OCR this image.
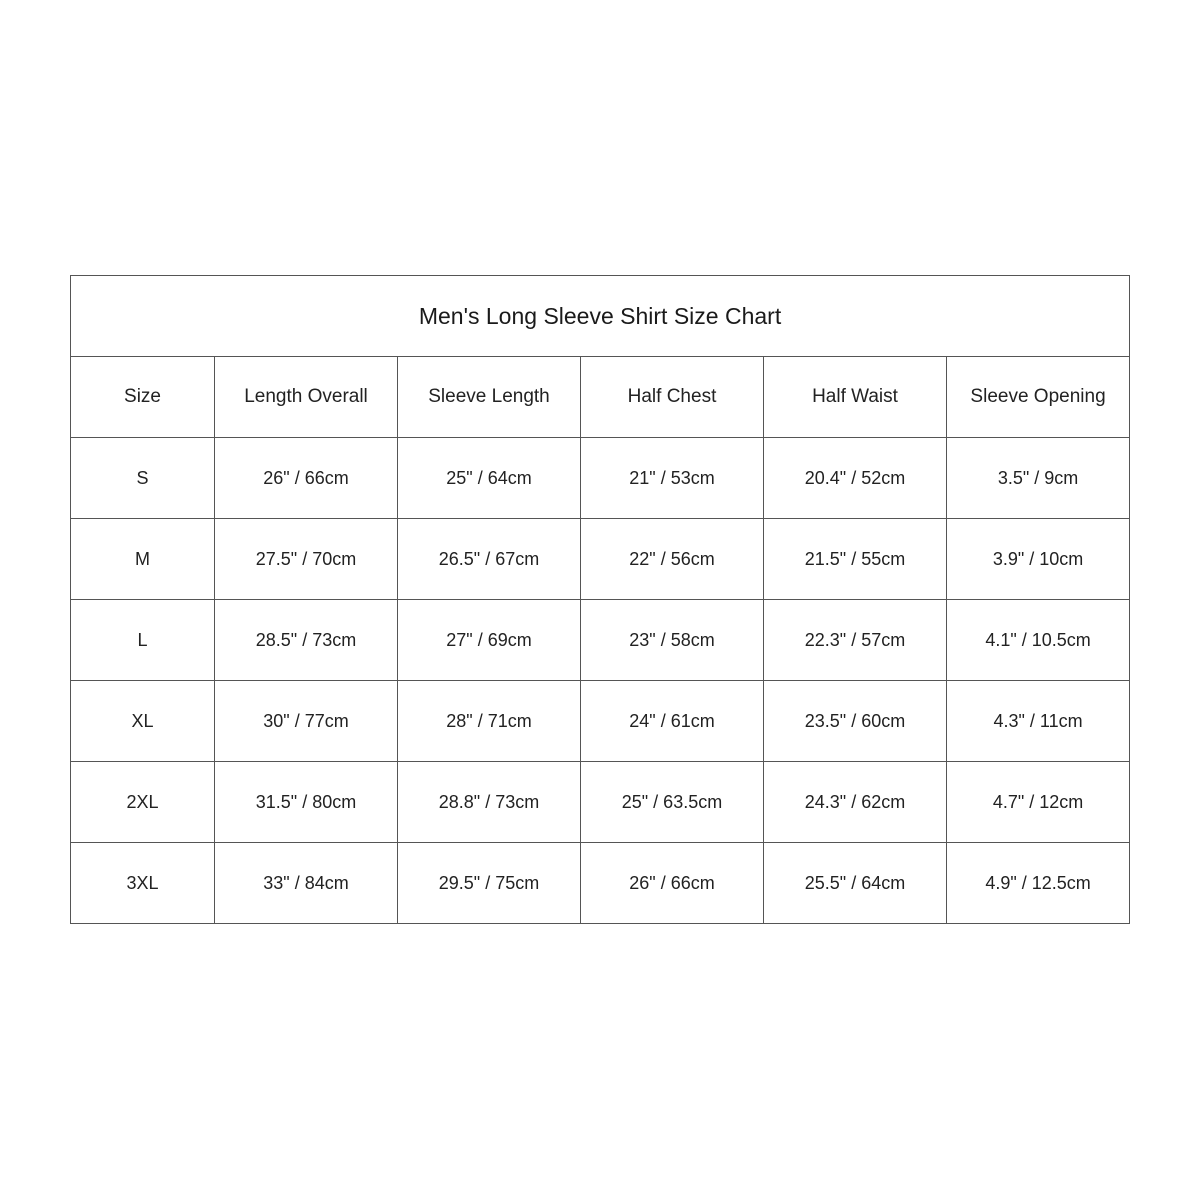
Men's Long Sleeve Shirt Size Chart					
Size	Length Overall	Sleeve Length	Half Chest	Half Waist	Sleeve Opening
S	26" / 66cm	25" / 64cm	21" / 53cm	20.4" / 52cm	3.5" / 9cm
M	27.5" / 70cm	26.5" / 67cm	22" / 56cm	21.5" / 55cm	3.9" / 10cm
L	28.5" / 73cm	27" / 69cm	23" / 58cm	22.3" / 57cm	4.1" / 10.5cm
XL	30" / 77cm	28" / 71cm	24" / 61cm	23.5" / 60cm	4.3" / 11cm
2XL	31.5" / 80cm	28.8" / 73cm	25" / 63.5cm	24.3" / 62cm	4.7" / 12cm
3XL	33" / 84cm	29.5" / 75cm	26" / 66cm	25.5" / 64cm	4.9" / 12.5cm
